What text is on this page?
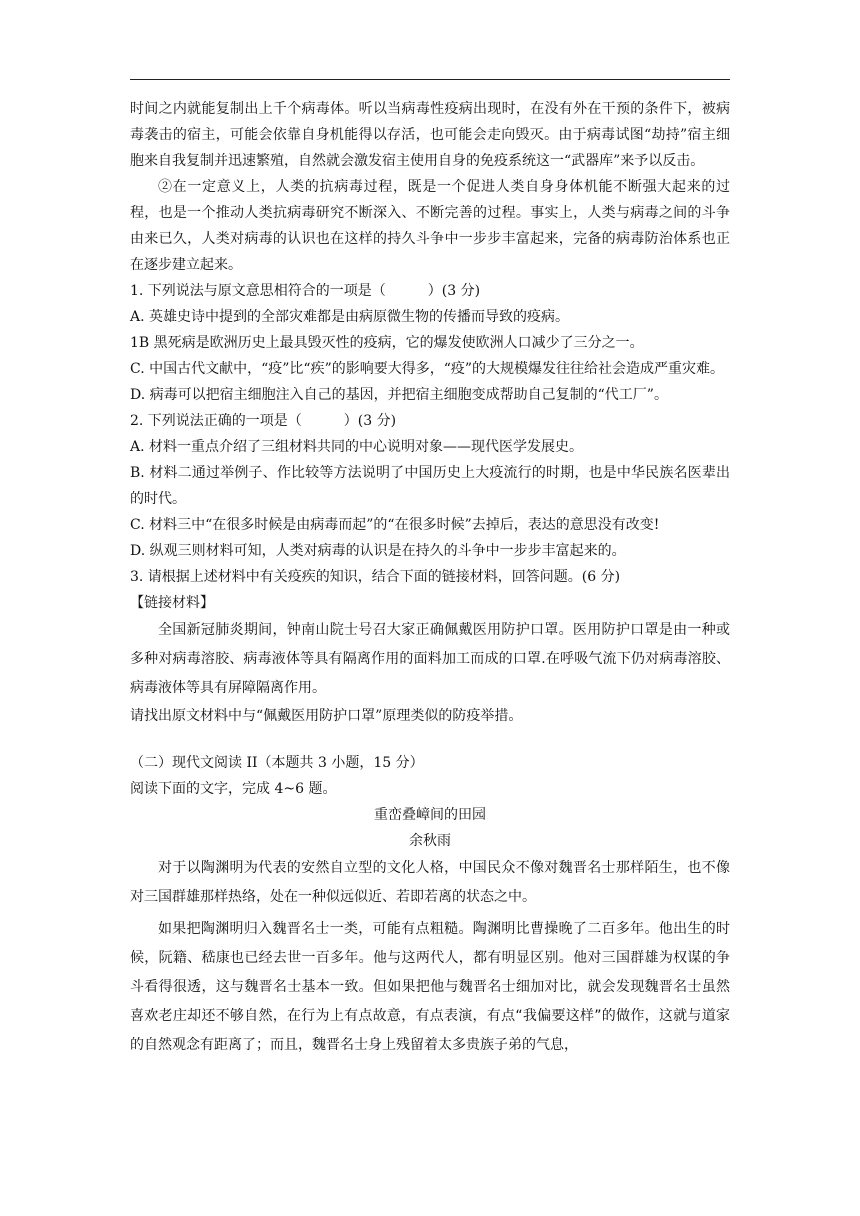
时间之内就能复制出上千个病毒体。听以当病毒性疫病出现时，在没有外在干预的条件下，被病毒袭击的宿主，可能会依靠自身机能得以存活，也可能会走向毁灭。由于病毒试图“劫持”宿主细胞来自我复制并迅速繁殖，自然就会激发宿主使用自身的免疫系统这一“武器库”来予以反击。

②在一定意义上，人类的抗病毒过程，既是一个促进人类自身身体机能不断强大起来的过程，也是一个推动人类抗病毒研究不断深入、不断完善的过程。事实上，人类与病毒之间的斗争由来已久，人类对病毒的认识也在这样的持久斗争中一步步丰富起来，完备的病毒防治体系也正在逐步建立起来。

1. 下列说法与原文意思相符合的一项是（　　　）(3 分)

A. 英雄史诗中提到的全部灾难都是由病原微生物的传播而导致的疫病。

1B 黑死病是欧洲历史上最具毁灭性的疫病，它的爆发使欧洲人口减少了三分之一。

C. 中国古代文献中，“疫”比“疾”的影响要大得多，“疫”的大规模爆发往往给社会造成严重灾难。

D. 病毒可以把宿主细胞注入自己的基因，并把宿主细胞变成帮助自己复制的“代工厂”。

2. 下列说法正确的一项是（　　　）(3 分)

A. 材料一重点介绍了三组材料共同的中心说明对象——现代医学发展史。

B. 材料二通过举例子、作比较等方法说明了中国历史上大疫流行的时期，也是中华民族名医辈出的时代。

C. 材料三中“在很多时候是由病毒而起”的“在很多时候”去掉后，表达的意思没有改变!

D. 纵观三则材料可知，人类对病毒的认识是在持久的斗争中一步步丰富起来的。

3. 请根据上述材料中有关疫疾的知识，结合下面的链接材料，回答问题。(6 分)

【链接材料】

全国新冠肺炎期间，钟南山院士号召大家正确佩戴医用防护口罩。医用防护口罩是由一种或多种对病毒溶胶、病毒液体等具有隔离作用的面料加工而成的口罩.在呼吸气流下仍对病毒溶胶、病毒液体等具有屏障隔离作用。

请找出原文材料中与“佩戴医用防护口罩”原理类似的防疫举措。

（二）现代文阅读 II（本题共 3 小题，15 分）

阅读下面的文字，完成 4~6 题。

重峦叠嶂间的田园

余秋雨

对于以陶渊明为代表的安然自立型的文化人格，中国民众不像对魏晋名士那样陌生，也不像对三国群雄那样热络，处在一种似远似近、若即若离的状态之中。

如果把陶渊明归入魏晋名士一类，可能有点粗糙。陶渊明比曹操晚了二百多年。他出生的时候，阮籍、嵇康也已经去世一百多年。他与这两代人，都有明显区别。他对三国群雄为权谋的争斗看得很透，这与魏晋名士基本一致。但如果把他与魏晋名士细加对比，就会发现魏晋名士虽然喜欢老庄却还不够自然，在行为上有点故意，有点表演，有点“我偏要这样”的做作，这就与道家的自然观念有距离了；而且，魏晋名士身上残留着太多贵族子弟的气息，
